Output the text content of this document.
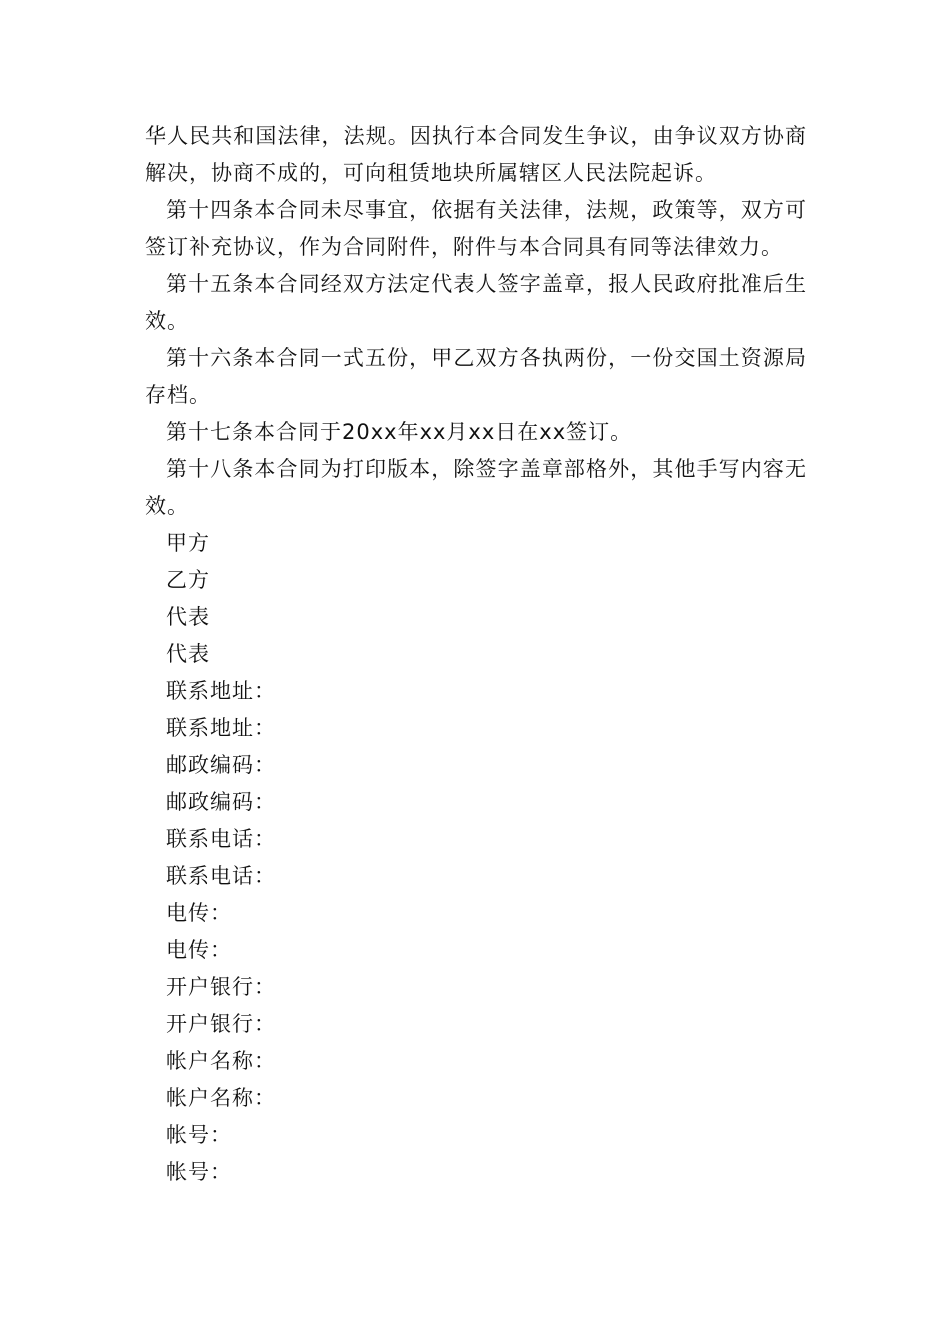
华人民共和国法律，法规。因执行本合同发生争议，由争议双方协商解决，协商不成的，可向租赁地块所属辖区人民法院起诉。

第十四条本合同未尽事宜，依据有关法律，法规，政策等，双方可签订补充协议，作为合同附件，附件与本合同具有同等法律效力。

第十五条本合同经双方法定代表人签字盖章，报人民政府批准后生效。

第十六条本合同一式五份，甲乙双方各执两份，一份交国土资源局存档。

第十七条本合同于20xx年xx月xx日在xx签订。

第十八条本合同为打印版本，除签字盖章部格外，其他手写内容无效。

甲方
乙方
代表
代表
联系地址：
联系地址：
邮政编码：
邮政编码：
联系电话：
联系电话：
电传：
电传：
开户银行：
开户银行：
帐户名称：
帐户名称：
帐号：
帐号：
